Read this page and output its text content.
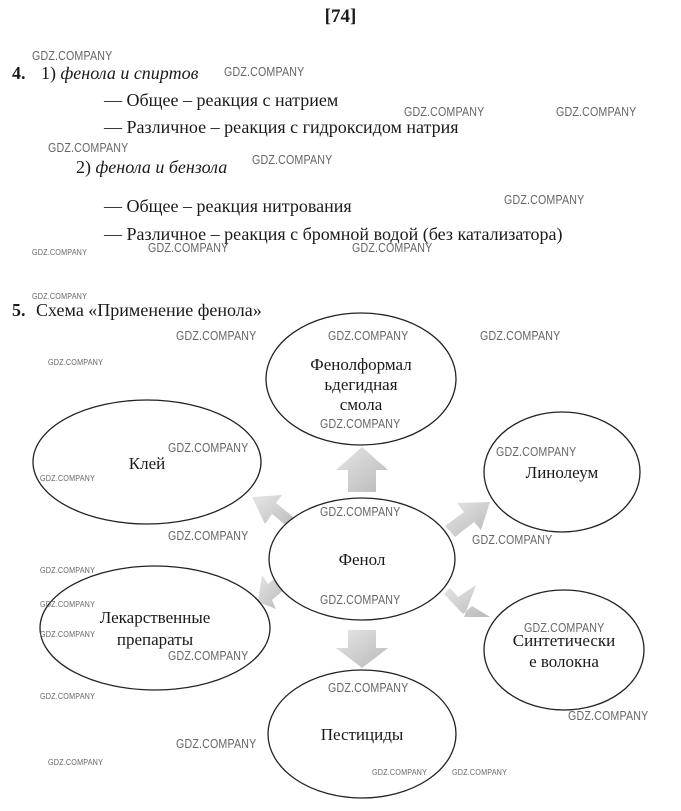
[74]
4. 1) фенола и спиртов
— Общее – реакция с натрием
— Различное – реакция с гидроксидом натрия
2) фенола и бензола
— Общее – реакция нитрования
— Различное – реакция с бромной водой (без катализатора)
5. Схема «Применение фенола»
Фенолформал
ьдегидная
смола
Клей	Линолеум
Фенол
Лекарственные
препараты	Синтетически
е волокна
Пестициды
GDZ.COMPANY
GDZ.COMPANY
GDZ.COMPANY	GDZ.COMPANY
GDZ.COMPANY
GDZ.COMPANY
GDZ.COMPANY
GDZ.COMPANY	GDZ.COMPANY
GDZ.COMPANY
GDZ.COMPANY
GDZ.COMPANY	GDZ.COMPANY	GDZ.COMPANY
GDZ.COMPANY
GDZ.COMPANY
GDZ.COMPANY	GDZ.COMPANY
GDZ.COMPANY
GDZ.COMPANY
GDZ.COMPANY	GDZ.COMPANY
GDZ.COMPANY
GDZ.COMPANY
GDZ.COMPANY
GDZ.COMPANY
GDZ.COMPANY
GDZ.COMPANY
GDZ.COMPANY
GDZ.COMPANY
GDZ.COMPANY
GDZ.COMPANY
GDZ.COMPANY
GDZ.COMPANY	GDZ.COMPANY
